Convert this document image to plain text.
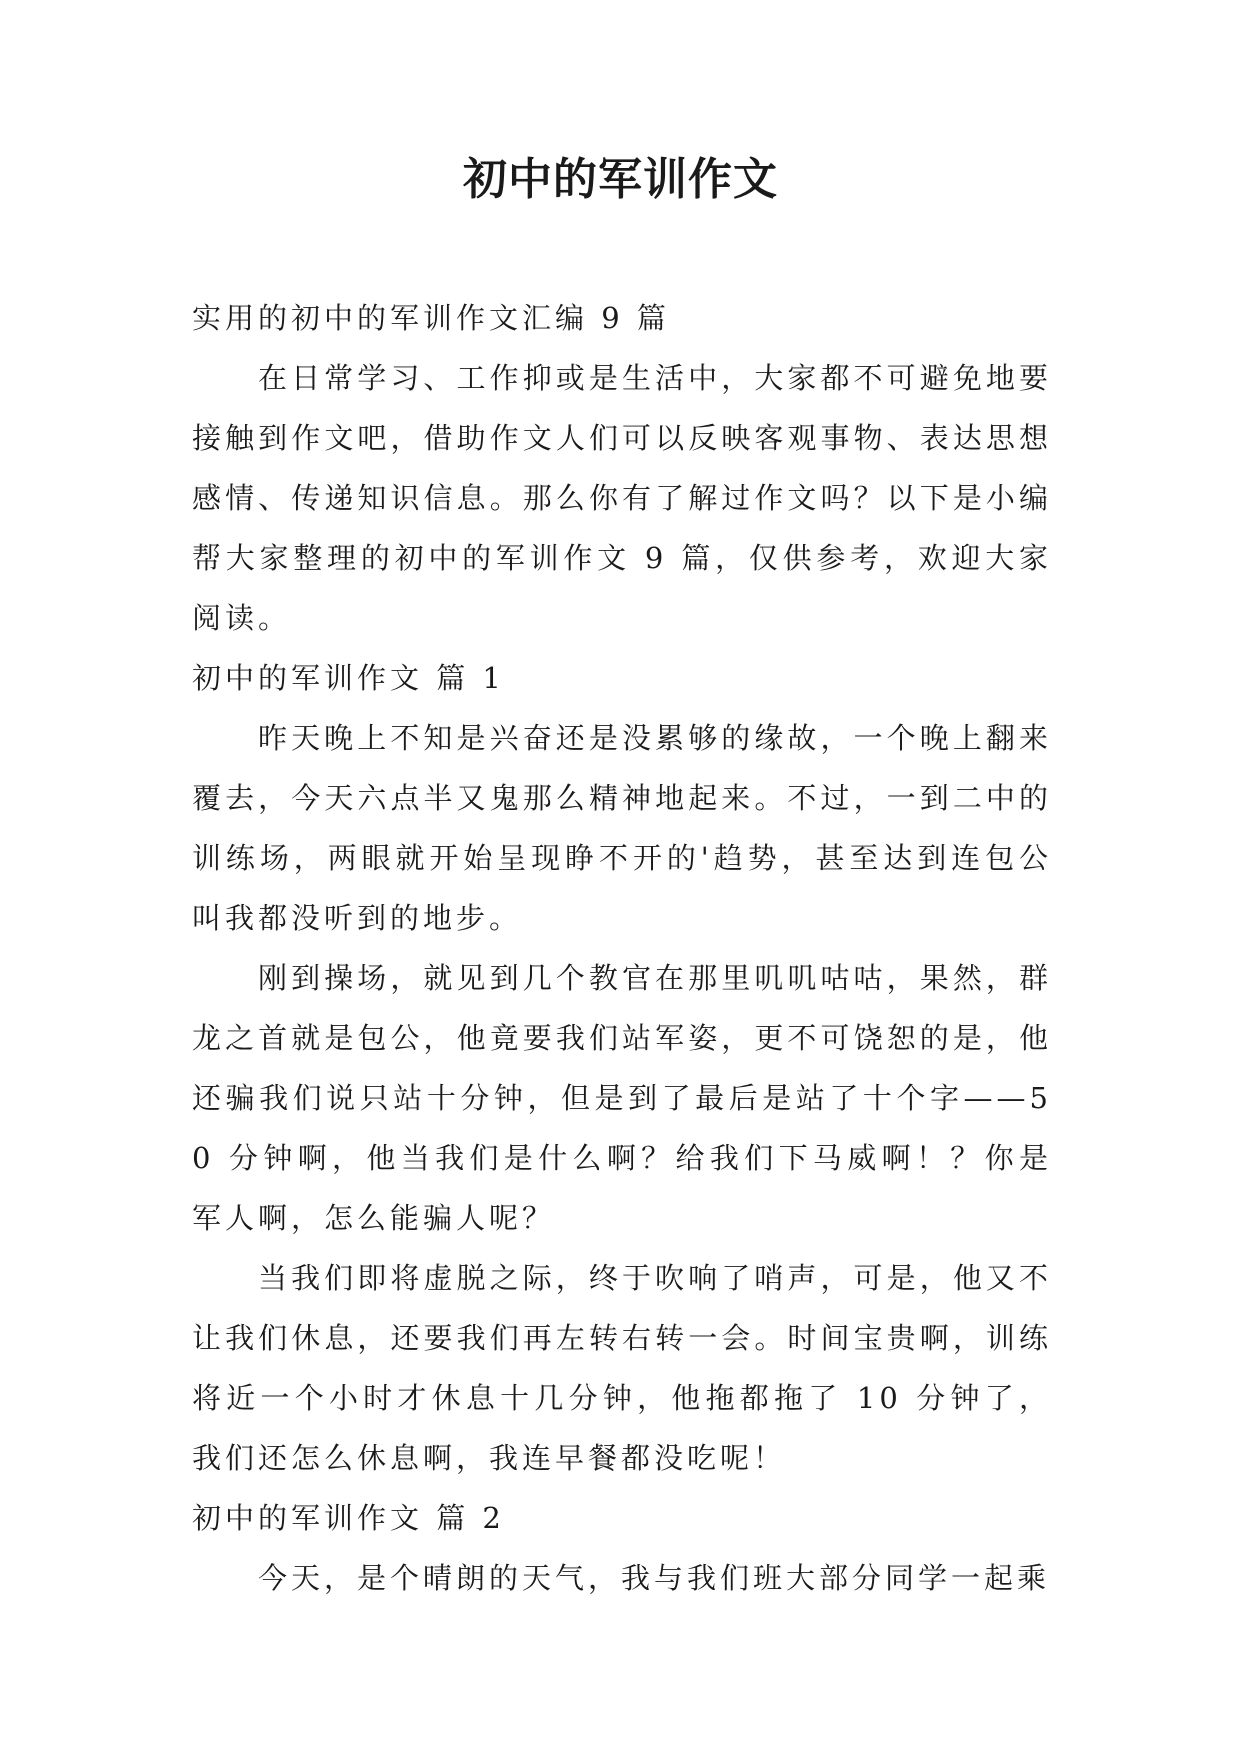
初中的军训作文

实用的初中的军训作文汇编 9 篇

在日常学习、工作抑或是生活中，大家都不可避免地要接触到作文吧，借助作文人们可以反映客观事物、表达思想感情、传递知识信息。那么你有了解过作文吗？以下是小编帮大家整理的初中的军训作文 9 篇，仅供参考，欢迎大家阅读。

初中的军训作文 篇 1

昨天晚上不知是兴奋还是没累够的缘故，一个晚上翻来覆去，今天六点半又鬼那么精神地起来。不过，一到二中的训练场，两眼就开始呈现睁不开的'趋势，甚至达到连包公叫我都没听到的地步。

刚到操场，就见到几个教官在那里叽叽咕咕，果然，群龙之首就是包公，他竟要我们站军姿，更不可饶恕的是，他还骗我们说只站十分钟，但是到了最后是站了十个字——50 分钟啊，他当我们是什么啊？给我们下马威啊！？你是军人啊，怎么能骗人呢？

当我们即将虚脱之际，终于吹响了哨声，可是，他又不让我们休息，还要我们再左转右转一会。时间宝贵啊，训练将近一个小时才休息十几分钟，他拖都拖了 10 分钟了，我们还怎么休息啊，我连早餐都没吃呢！

初中的军训作文 篇 2

今天，是个晴朗的天气，我与我们班大部分同学一起乘
